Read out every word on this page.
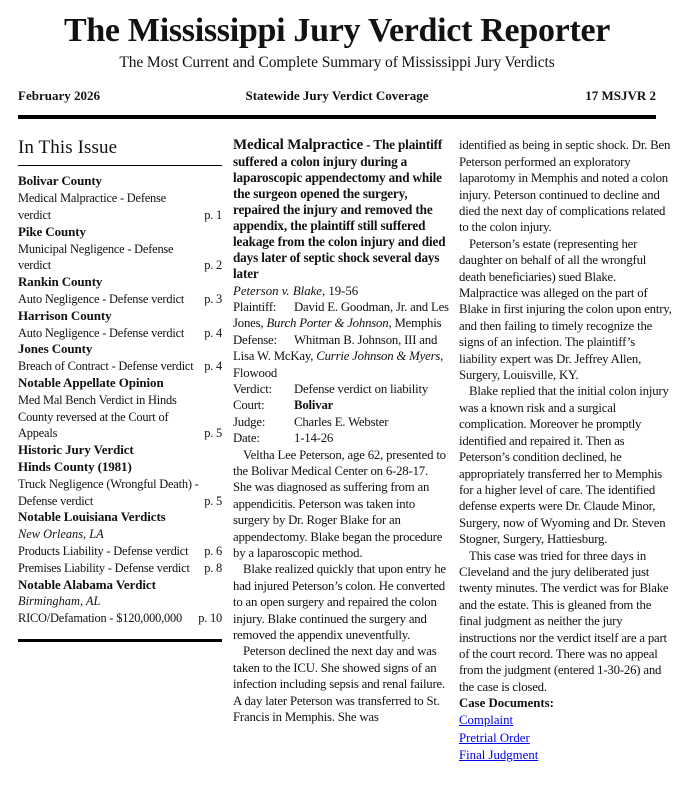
The Mississippi Jury Verdict Reporter
The Most Current and Complete Summary of Mississippi Jury Verdicts
February 2026	Statewide Jury Verdict Coverage	17 MSJVR 2
In This Issue
Bolivar County
Medical Malpractice - Defense verdict	p. 1
Pike County
Municipal Negligence - Defense verdict	p. 2
Rankin County
Auto Negligence - Defense verdict	p. 3
Harrison County
Auto Negligence - Defense verdict	p. 4
Jones County
Breach of Contract - Defense verdict p. 4
Notable Appellate Opinion
Med Mal Bench Verdict in Hinds County reversed at the Court of Appeals	p. 5
Historic Jury Verdict
Hinds County (1981)
Truck Negligence (Wrongful Death) - Defense verdict	p. 5
Notable Louisiana Verdicts
New Orleans, LA
Products Liability - Defense verdict	p. 6
Premises Liability - Defense verdict	p. 8
Notable Alabama Verdict
Birmingham, AL
RICO/Defamation - $120,000,000	p. 10

Medical Malpractice - The plaintiff suffered a colon injury during a laparoscopic appendectomy and while the surgeon opened the surgery, repaired the injury and removed the appendix, the plaintiff still suffered leakage from the colon injury and died days later of septic shock several days later

Peterson v. Blake, 19-56

Plaintiff: David E. Goodman, Jr. and Les Jones, Burch Porter & Johnson, Memphis

Defense: Whitman B. Johnson, III and Lisa W. McKay, Currie Johnson & Myers, Flowood

Verdict: Defense verdict on liability

Court: Bolivar

Judge: Charles E. Webster

Date:	1-14-26

Veltha Lee Peterson, age 62, presented to the Bolivar Medical Center on 6-28-17. She was diagnosed as suffering from an appendicitis. Peterson was taken into surgery by Dr. Roger Blake for an appendectomy. Blake began the procedure by a laparoscopic method.

Blake realized quickly that upon entry he had injured Peterson’s colon. He converted to an open surgery and repaired the colon injury. Blake continued the surgery and removed the appendix uneventfully.

Peterson declined the next day and was taken to the ICU. She showed signs of an infection including sepsis and renal failure. A day later Peterson was transferred to St. Francis in Memphis. She was

identified as being in septic shock. Dr. Ben Peterson performed an exploratory laparotomy in Memphis and noted a colon injury. Peterson continued to decline and died the next day of complications related to the colon injury.

Peterson’s estate (representing her daughter on behalf of all the wrongful death beneficiaries) sued Blake. Malpractice was alleged on the part of Blake in first injuring the colon upon entry, and then failing to timely recognize the signs of an infection. The plaintiff’s liability expert was Dr. Jeffrey Allen, Surgery, Louisville, KY.

Blake replied that the initial colon injury was a known risk and a surgical complication. Moreover he promptly identified and repaired it. Then as Peterson’s condition declined, he appropriately transferred her to Memphis for a higher level of care. The identified defense experts were Dr. Claude Minor, Surgery, now of Wyoming and Dr. Steven Stogner, Surgery, Hattiesburg.

This case was tried for three days in Cleveland and the jury deliberated just twenty minutes. The verdict was for Blake and the estate. This is gleaned from the final judgment as neither the jury instructions nor the verdict itself are a part of the court record. There was no appeal from the judgment (entered 1-30-26) and the case is closed.

Case Documents:

Complaint
Pretrial Order
Final Judgment
